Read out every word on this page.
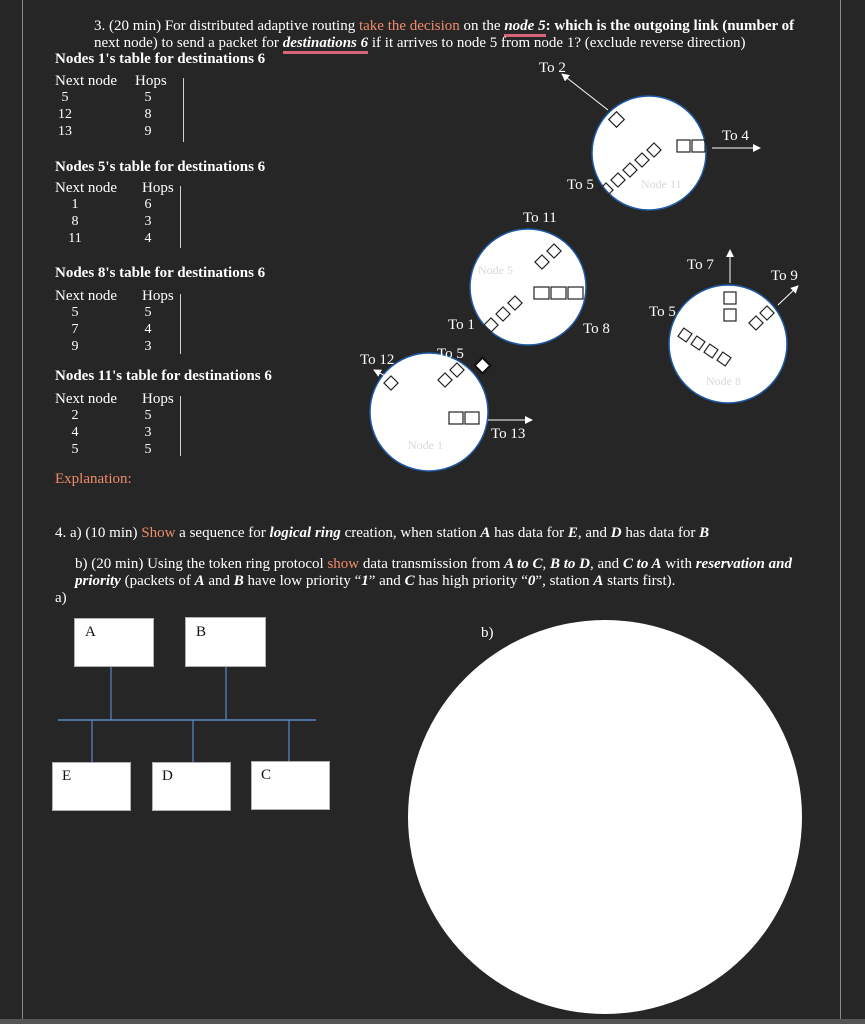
3. (20 min) For distributed adaptive routing take the decision on the node 5: which is the outgoing link (number of
next node) to send a packet for destinations 6 if it arrives to node 5 from node 1? (exclude reverse direction)
Nodes 1's table for destinations 6
Next node Hops
5	5
12	8
13	9
Nodes 5's table for destinations 6
Next node Hops
1	6
8	3
11	4
Nodes 8's table for destinations 6
Next node Hops
5	5
7	4
9	3
Nodes 11's table for destinations 6
Next node Hops
2	5
4	3
5	5
Explanation:
Node 11
Node 5
Node 8
Node 1
To 2
To 4
To 5
To 11
To 7
To 9
To 5
To 1	To 8
To 5
To 12
To 13
4. a) (10 min) Show a sequence for logical ring creation, when station A has data for E, and D has data for B
b) (20 min) Using the token ring protocol show data transmission from A to C, B to D, and C to A with reservation and
priority (packets of A and B have low priority “1” and C has high priority “0”, station A starts first).
a)
b)
A	B
E	D	C
